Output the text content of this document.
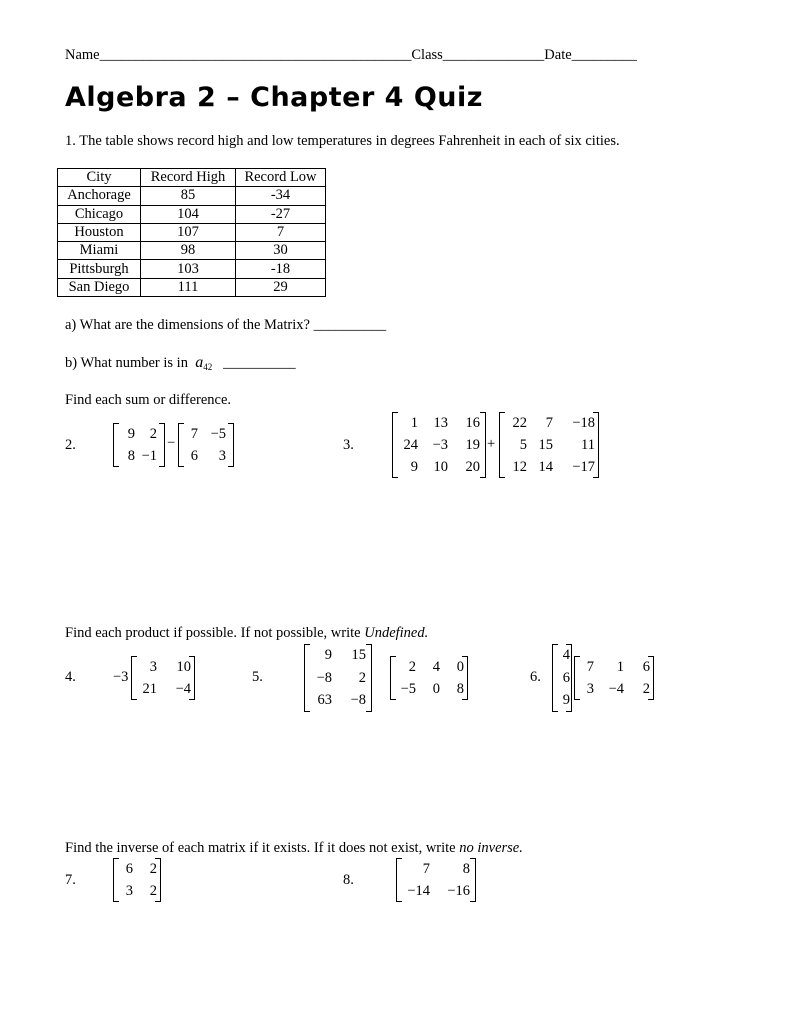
Name___________________________________________Class______________Date_________
Algebra 2 – Chapter 4 Quiz
1. The table shows record high and low temperatures in degrees Fahrenheit in each of six cities.
City	Record High	Record Low
Anchorage	85	-34
Chicago	104	-27
Houston	107	7
Miami	98	30
Pittsburgh	103	-18
San Diego	111	29
a) What are the dimensions of the Matrix? __________
b) What number is in $a_{42}$ __________
Find each sum or difference.
2.
9 2
8 −1
−
7 −5
6 3
3.
1 13 16
24 −3 19
9 10 20
+
22 7 −18
5 15 11
12 14 −17
Find each product if possible. If not possible, write Undefined.
4.	−3
3 10
21 −4
5.
9 15
−8 2
63 −8
2 4 0
−5 0 8
6.
4
6
9
7 1 6
3 −4 2
Find the inverse of each matrix if it exists. If it does not exist, write no inverse.
7.
6 2
3 2
8.
7 8
−14 −16
